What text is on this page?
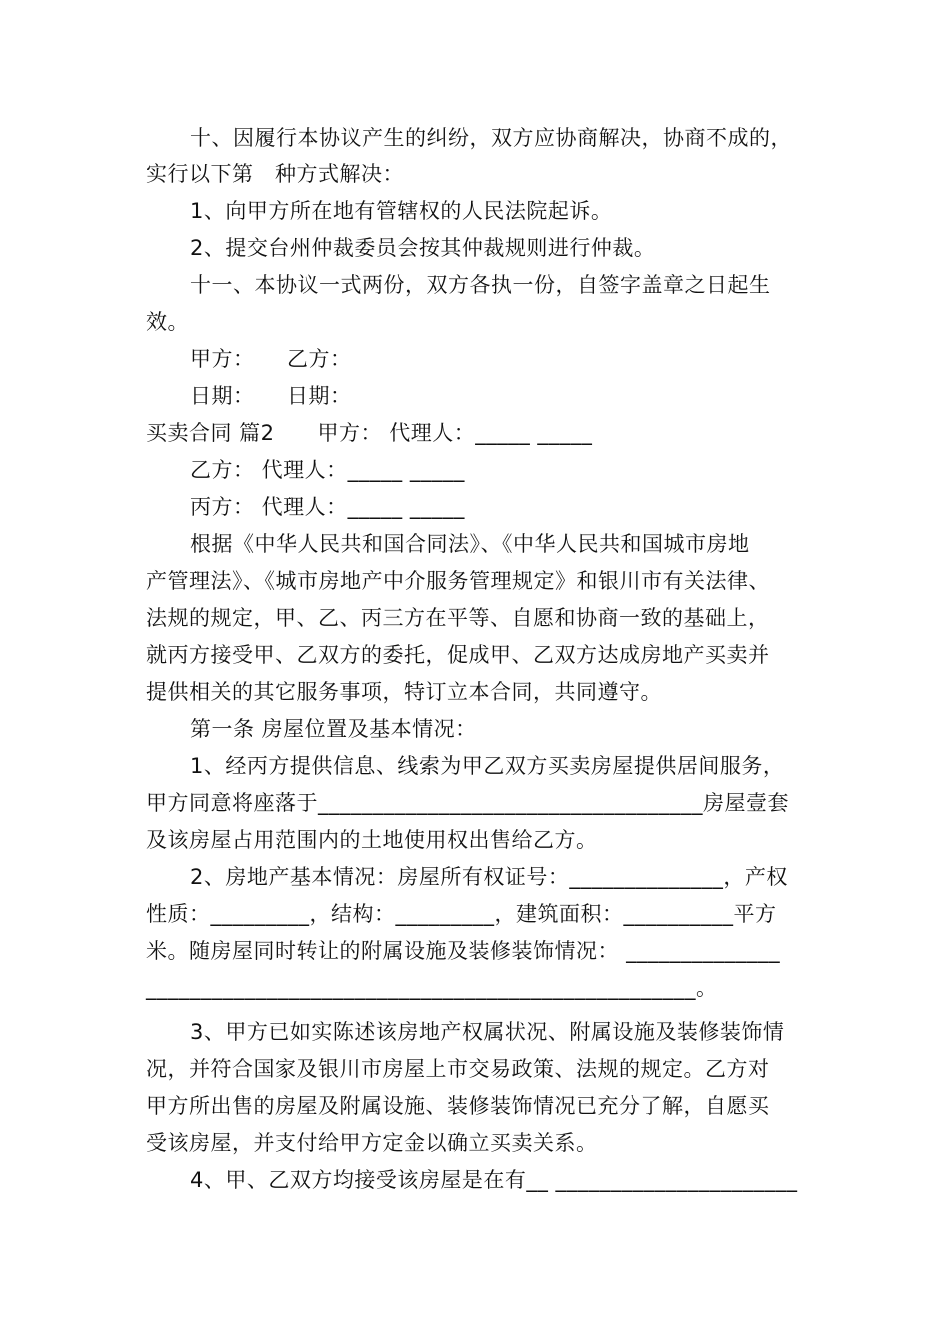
十、因履行本协议产生的纠纷，双方应协商解决，协商不成的，
实行以下第　种方式解决：
1、向甲方所在地有管辖权的人民法院起诉。
2、提交台州仲裁委员会按其仲裁规则进行仲裁。
十一、本协议一式两份，双方各执一份，自签字盖章之日起生
效。
甲方：　　乙方：
日期：　　日期：
买卖合同 篇2　　甲方： 代理人：_____ _____
乙方： 代理人：_____ _____
丙方： 代理人：_____ _____
根据《中华人民共和国合同法》、《中华人民共和国城市房地
产管理法》、《城市房地产中介服务管理规定》和银川市有关法律、
法规的规定，甲、乙、丙三方在平等、自愿和协商一致的基础上，
就丙方接受甲、乙双方的委托，促成甲、乙双方达成房地产买卖并
提供相关的其它服务事项，特订立本合同，共同遵守。
第一条 房屋位置及基本情况：
1、经丙方提供信息、线索为甲乙双方买卖房屋提供居间服务，
甲方同意将座落于___________________________________房屋壹套
及该房屋占用范围内的土地使用权出售给乙方。
2、房地产基本情况：房屋所有权证号：______________，产权
性质：_________，结构：_________，建筑面积：__________平方
米。随房屋同时转让的附属设施及装修装饰情况： ______________
__________________________________________________。
3、甲方已如实陈述该房地产权属状况、附属设施及装修装饰情
况，并符合国家及银川市房屋上市交易政策、法规的规定。乙方对
甲方所出售的房屋及附属设施、装修装饰情况已充分了解，自愿买
受该房屋，并支付给甲方定金以确立买卖关系。
4、甲、乙双方均接受该房屋是在有__ ______________________
